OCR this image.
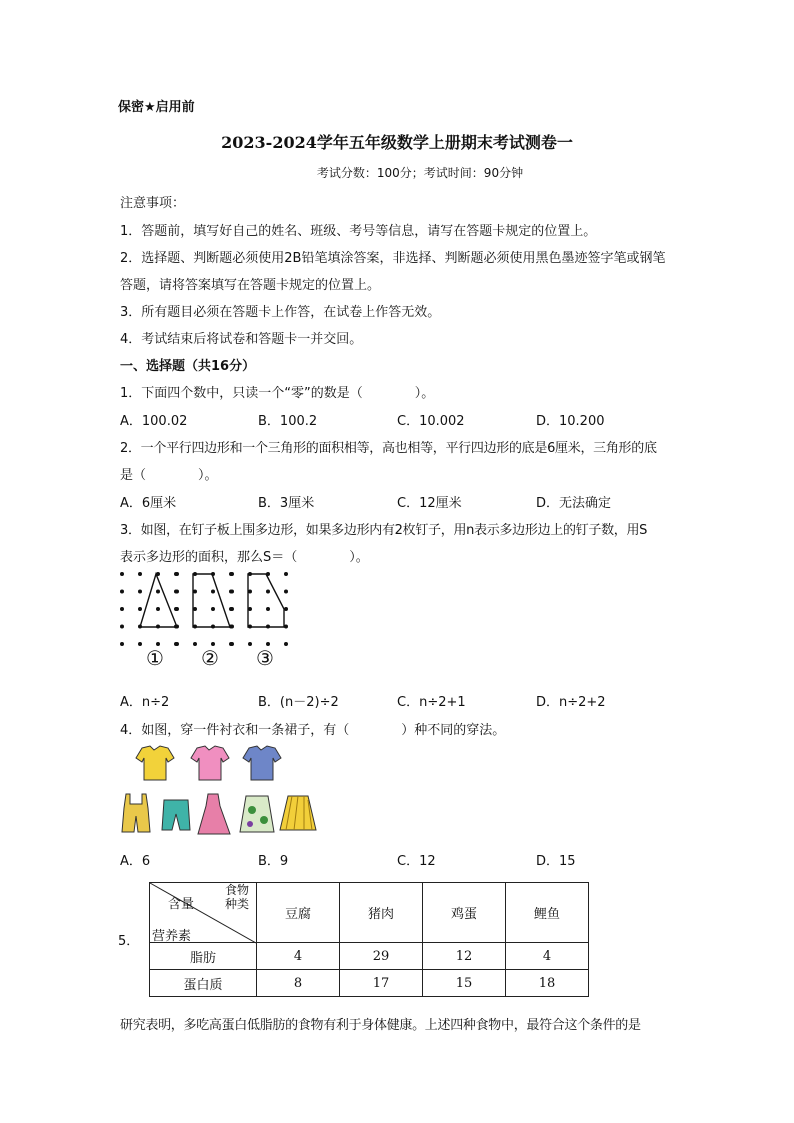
保密★启用前
2023-2024学年五年级数学上册期末考试测卷一
考试分数：100分；考试时间：90分钟
注意事项：
1．答题前，填写好自己的姓名、班级、考号等信息，请写在答题卡规定的位置上。
2．选择题、判断题必须使用2B铅笔填涂答案，非选择、判断题必须使用黑色墨迹签字笔或钢笔
答题，请将答案填写在答题卡规定的位置上。
3．所有题目必须在答题卡上作答，在试卷上作答无效。
4．考试结束后将试卷和答题卡一并交回。
一、选择题（共16分）
1．下面四个数中，只读一个“零”的数是（　　　　）。
A．100.02	B．100.2	C．10.002	D．10.200
2．一个平行四边形和一个三角形的面积相等，高也相等，平行四边形的底是6厘米，三角形的底
是（　　　　）。
A．6厘米	B．3厘米	C．12厘米	D．无法确定
3．如图，在钉子板上围多边形，如果多边形内有2枚钉子，用n表示多边形边上的钉子数，用S
表示多边形的面积，那么S＝（　　　　）。
① ② ③
A．n÷2	B．(n－2)÷2	C．n÷2+1	D．n÷2+2
4．如图，穿一件衬衣和一条裙子，有（　　　　）种不同的穿法。
A．6	B．9	C．12	D．15
5．
食物种类
含量
营养素	豆腐	猪肉	鸡蛋	鲤鱼
脂肪	4	29	12	4
蛋白质	8	17	15	18
研究表明，多吃高蛋白低脂肪的食物有利于身体健康。上述四种食物中，最符合这个条件的是
